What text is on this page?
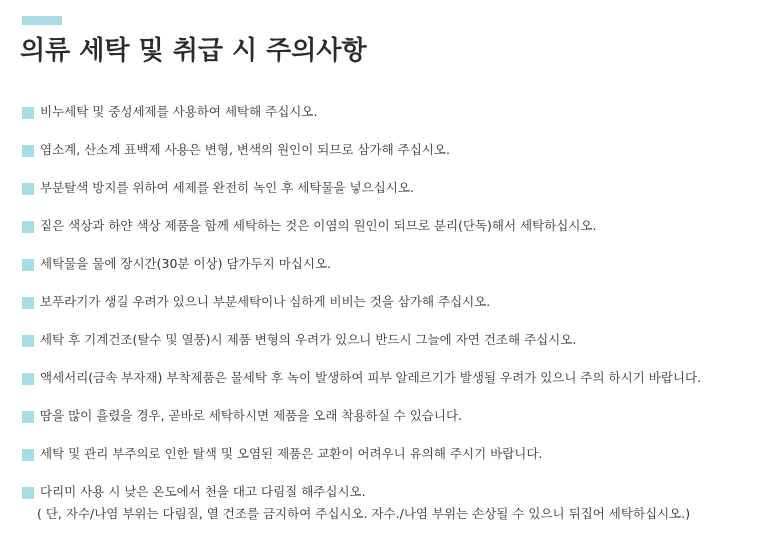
의류 세탁 및 취급 시 주의사항
비누세탁 및 중성세제를 사용하여 세탁해 주십시오.
염소계, 산소계 표백제 사용은 변형, 변색의 원인이 되므로 삼가해 주십시오.
부분탈색 방지를 위하여 세제를 완전히 녹인 후 세탁물을 넣으십시오.
짙은 색상과 하얀 색상 제품을 함께 세탁하는 것은 이염의 원인이 되므로 분리(단독)해서 세탁하십시오.
세탁물을 물에 장시간(30분 이상) 담가두지 마십시오.
보푸라기가 생길 우려가 있으니 부분세탁이나 심하게 비비는 것을 삼가해 주십시오.
세탁 후 기계건조(탈수 및 열풍)시 제품 변형의 우려가 있으니 반드시 그늘에 자연 건조해 주십시오.
액세서리(금속 부자재) 부착제품은 물세탁 후 녹이 발생하여 피부 알레르기가 발생될 우려가 있으니 주의 하시기 바랍니다.
땀을 많이 흘렸을 경우, 곧바로 세탁하시면 제품을 오래 착용하실 수 있습니다.
세탁 및 관리 부주의로 인한 탈색 및 오염된 제품은 교환이 어려우니 유의해 주시기 바랍니다.
다리미 사용 시 낮은 온도에서 천을 대고 다림질 해주십시오.
( 단, 자수/나염 부위는 다림질, 열 건조를 금지하여 주십시오. 자수./나염 부위는 손상될 수 있으니 뒤집어 세탁하십시오.)
